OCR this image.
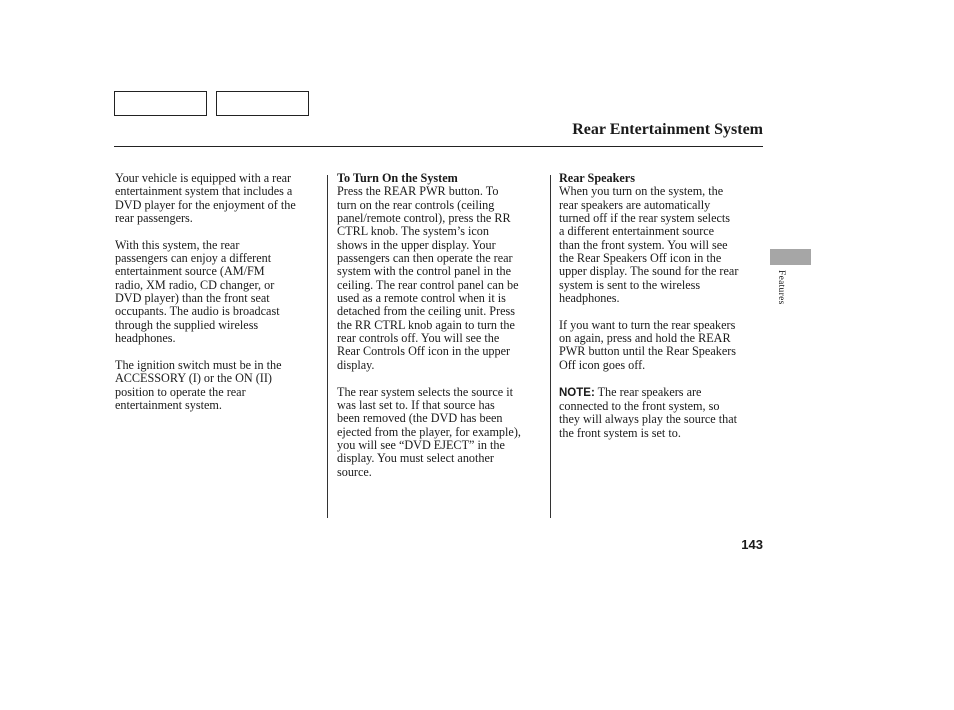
Rear Entertainment System

Your vehicle is equipped with a rear
entertainment system that includes a
DVD player for the enjoyment of the
rear passengers.

With this system, the rear
passengers can enjoy a different
entertainment source (AM/FM
radio, XM radio, CD changer, or
DVD player) than the front seat
occupants. The audio is broadcast
through the supplied wireless
headphones.

The ignition switch must be in the
ACCESSORY (I) or the ON (II)
position to operate the rear
entertainment system.

To Turn On the System

Press the REAR PWR button. To
turn on the rear controls (ceiling
panel/remote control), press the RR
CTRL knob. The system’s icon
shows in the upper display. Your
passengers can then operate the rear
system with the control panel in the
ceiling. The rear control panel can be
used as a remote control when it is
detached from the ceiling unit. Press
the RR CTRL knob again to turn the
rear controls off. You will see the
Rear Controls Off icon in the upper
display.

The rear system selects the source it
was last set to. If that source has
been removed (the DVD has been
ejected from the player, for example),
you will see “DVD EJECT” in the
display. You must select another
source.

Rear Speakers

When you turn on the system, the
rear speakers are automatically
turned off if the rear system selects
a different entertainment source
than the front system. You will see
the Rear Speakers Off icon in the
upper display. The sound for the rear
system is sent to the wireless
headphones.

If you want to turn the rear speakers
on again, press and hold the REAR
PWR button until the Rear Speakers
Off icon goes off.

NOTE: The rear speakers are
connected to the front system, so
they will always play the source that
the front system is set to.

Features
143
